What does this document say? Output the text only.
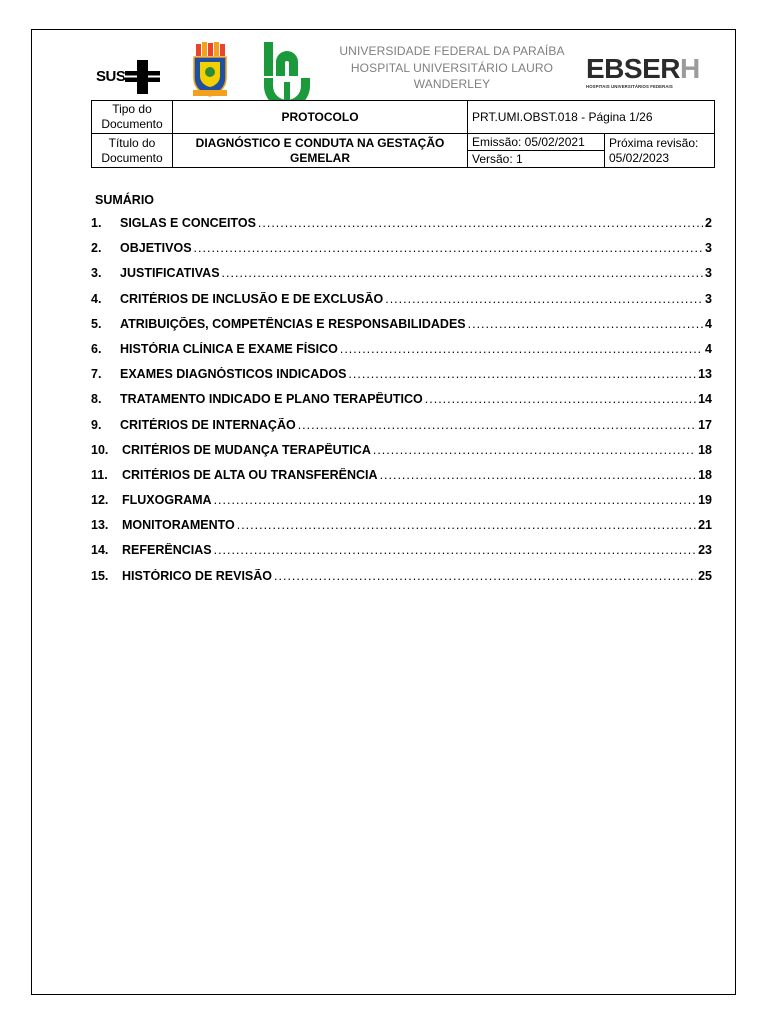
SUS
UNIVERSIDADE FEDERAL DA PARAÍBA
HOSPITAL UNIVERSITÁRIO LAURO
WANDERLEY	EBSERH
HOSPITAIS UNIVERSITÁRIOS FEDERAIS
Tipo do Documento	PROTOCOLO	PRT.UMI.OBST.018 - Página 1/26	
Título do Documento	DIAGNÓSTICO E CONDUTA NA GESTAÇÃO GEMELAR	Emissão: 05/02/2021	Próxima revisão: 05/02/2023
		Versão: 1	
SUMÁRIO
1.	SIGLAS E CONCEITOS .....	2
2.	OBJETIVOS .....	3
3.	JUSTIFICATIVAS .....	3
4.	CRITÉRIOS DE INCLUSÃO E DE EXCLUSÃO .....	3
5.	ATRIBUIÇÕES, COMPETÊNCIAS E RESPONSABILIDADES .....	4
6.	HISTÓRIA CLÍNICA E EXAME FÍSICO .....	4
7.	EXAMES DIAGNÓSTICOS INDICADOS .....	13
8.	TRATAMENTO INDICADO E PLANO TERAPÊUTICO .....	14
9.	CRITÉRIOS DE INTERNAÇÃO .....	17
10.	CRITÉRIOS DE MUDANÇA TERAPÊUTICA .....	18
11.	CRITÉRIOS DE ALTA OU TRANSFERÊNCIA .....	18
12.	FLUXOGRAMA .....	19
13.	MONITORAMENTO .....	21
14.	REFERÊNCIAS .....	23
15.	HISTÓRICO DE REVISÃO .....	25
